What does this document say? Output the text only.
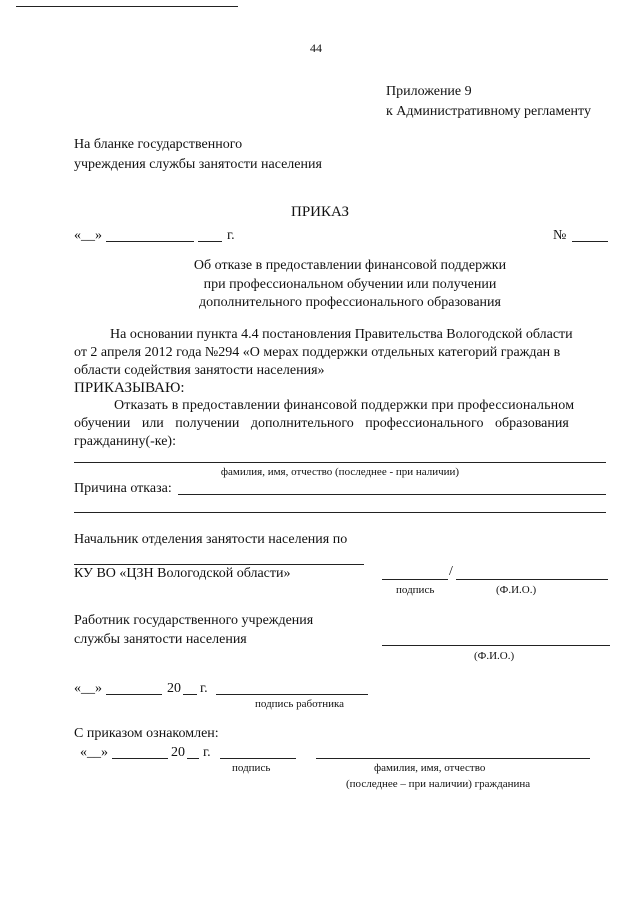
44
Приложение 9
к Административному регламенту
На бланке государственного
учреждения службы занятости населения
ПРИКАЗ
«__»	г.	№
Об отказе в предоставлении финансовой поддержки
при профессиональном обучении или получении
дополнительного профессионального образования
На основании пункта 4.4 постановления Правительства Вологодской области
от 2 апреля 2012 года №294 «О мерах поддержки отдельных категорий граждан в
области содействия занятости населения»
ПРИКАЗЫВАЮ:
Отказать в предоставлении финансовой поддержки при профессиональном
обучении или получении дополнительного профессионального образования
гражданину(-ке):
фамилия, имя, отчество (последнее - при наличии)
Причина отказа:
Начальник отделения занятости населения по
КУ ВО «ЦЗН Вологодской области»	/
подпись	(Ф.И.О.)
Работник государственного учреждения
службы занятости населения
(Ф.И.О.)
«__»	20 г.
подпись работника
С приказом ознакомлен:
«__»	20 г.
подпись	фамилия, имя, отчество
(последнее – при наличии) гражданина
